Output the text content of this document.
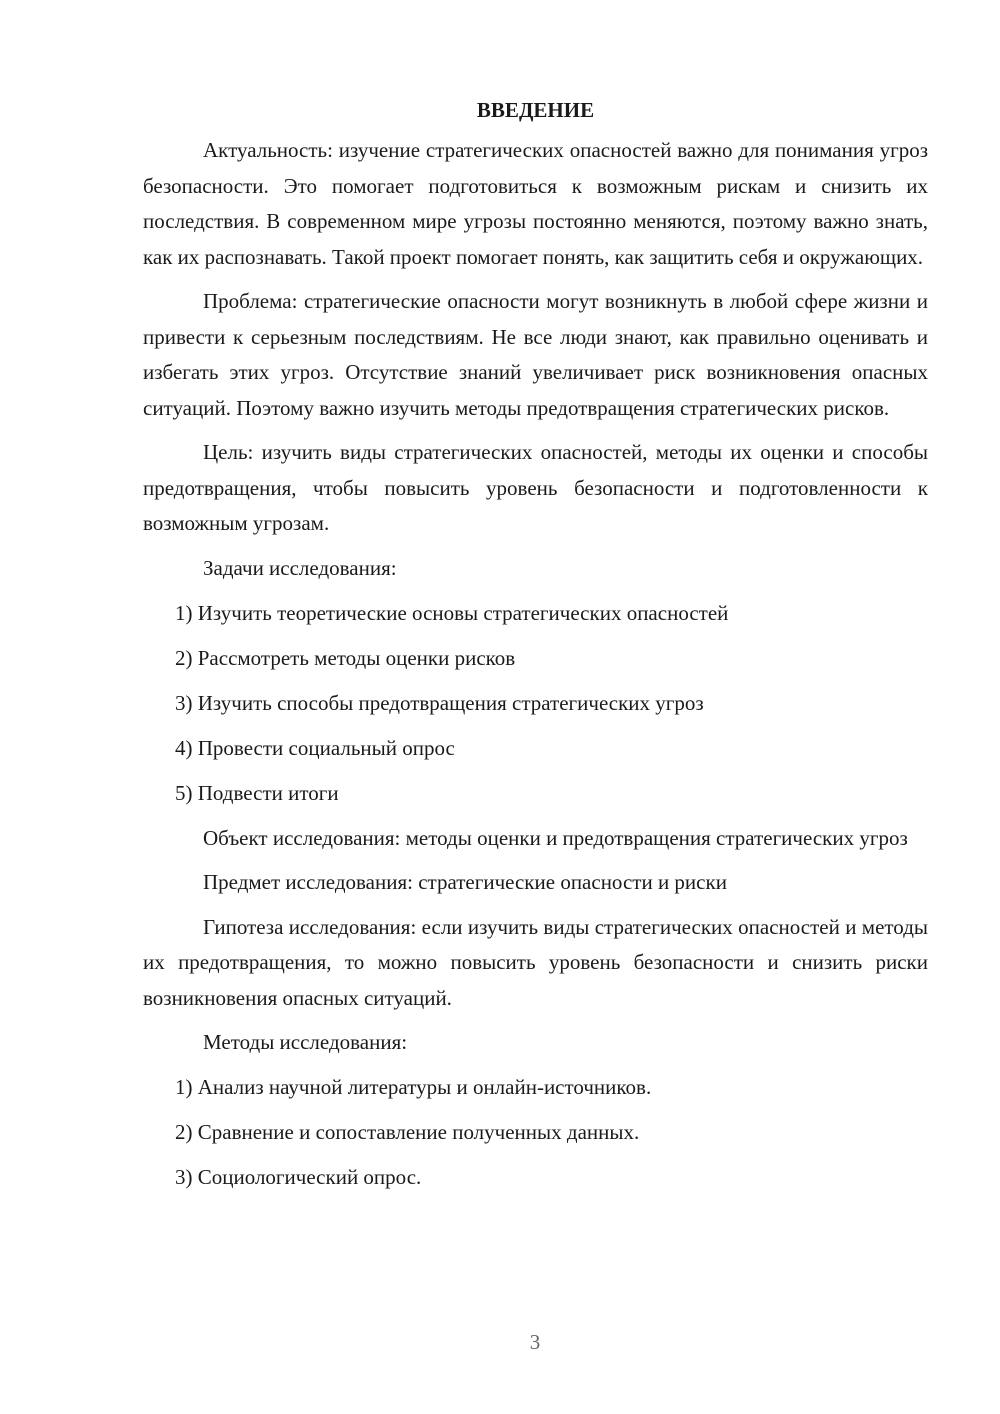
ВВЕДЕНИЕ

Актуальность: изучение стратегических опасностей важно для понимания угроз безопасности. Это помогает подготовиться к возможным рискам и снизить их последствия. В современном мире угрозы постоянно меняются, поэтому важно знать, как их распознавать. Такой проект помогает понять, как защитить себя и окружающих.

Проблема: стратегические опасности могут возникнуть в любой сфере жизни и привести к серьезным последствиям. Не все люди знают, как правильно оценивать и избегать этих угроз. Отсутствие знаний увеличивает риск возникновения опасных ситуаций. Поэтому важно изучить методы предотвращения стратегических рисков.

Цель: изучить виды стратегических опасностей, методы их оценки и способы предотвращения, чтобы повысить уровень безопасности и подготовленности к возможным угрозам.

Задачи исследования:

1) Изучить теоретические основы стратегических опасностей
2) Рассмотреть методы оценки рисков
3) Изучить способы предотвращения стратегических угроз
4) Провести социальный опрос
5) Подвести итоги

Объект исследования: методы оценки и предотвращения стратегических угроз

Предмет исследования: стратегические опасности и риски

Гипотеза исследования: если изучить виды стратегических опасностей и методы их предотвращения, то можно повысить уровень безопасности и снизить риски возникновения опасных ситуаций.

Методы исследования:

1) Анализ научной литературы и онлайн-источников.
2) Сравнение и сопоставление полученных данных.
3) Социологический опрос.
3
